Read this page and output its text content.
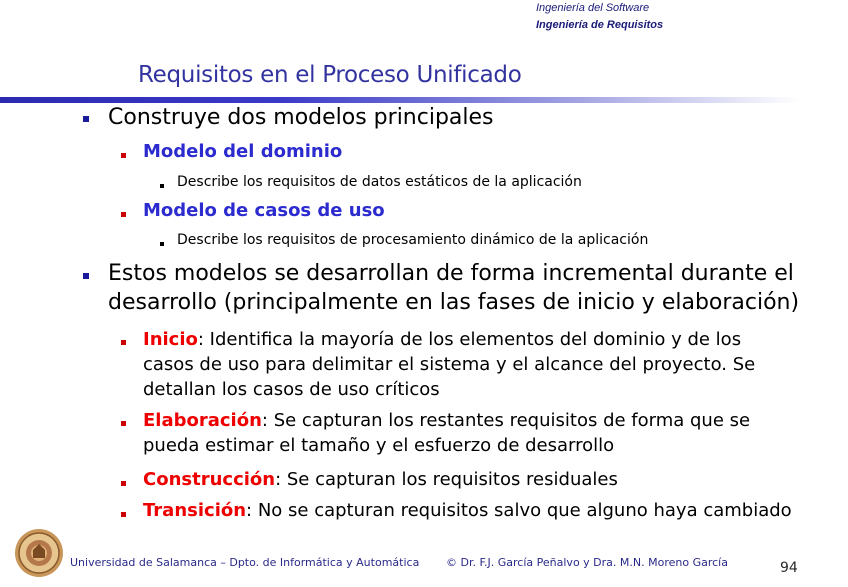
Ingeniería del Software
Ingeniería de Requisitos
Requisitos en el Proceso Unificado
Construye dos modelos principales
Modelo del dominio
Describe los requisitos de datos estáticos de la aplicación
Modelo de casos de uso
Describe los requisitos de procesamiento dinámico de la aplicación
Estos modelos se desarrollan de forma incremental durante el
desarrollo (principalmente en las fases de inicio y elaboración)
Inicio: Identifica la mayoría de los elementos del dominio y de los
casos de uso para delimitar el sistema y el alcance del proyecto. Se
detallan los casos de uso críticos
Elaboración: Se capturan los restantes requisitos de forma que se
pueda estimar el tamaño y el esfuerzo de desarrollo
Construcción: Se capturan los requisitos residuales
Transición: No se capturan requisitos salvo que alguno haya cambiado
Universidad de Salamanca – Dpto. de Informática y Automática © Dr. F.J. García Peñalvo y Dra. M.N. Moreno García	94
